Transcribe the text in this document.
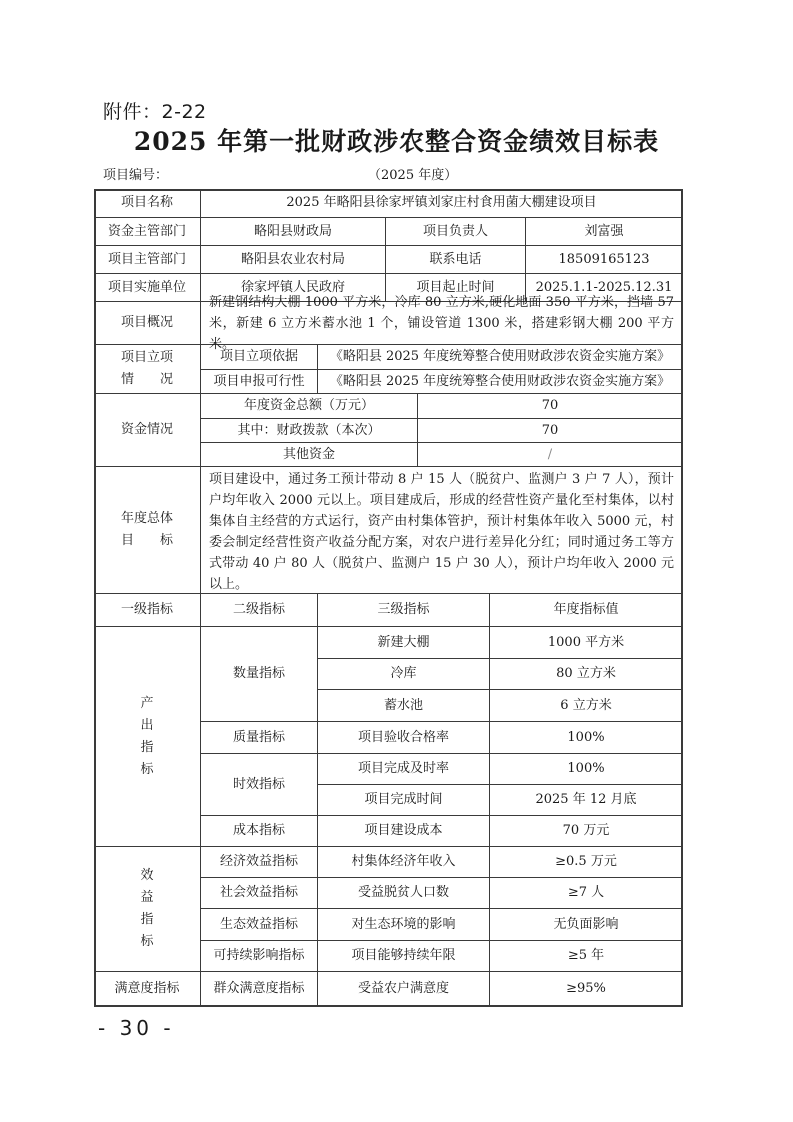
附件：2-22
2025 年第一批财政涉农整合资金绩效目标表
项目编号：	（2025 年度）
项目名称	2025 年略阳县徐家坪镇刘家庄村食用菌大棚建设项目
资金主管部门	略阳县财政局	项目负责人	刘富强
项目主管部门	略阳县农业农村局	联系电话	18509165123
项目实施单位	徐家坪镇人民政府	项目起止时间	2025.1.1-2025.12.31
项目概况
新建钢结构大棚 1000 平方米，冷库 80 立方米,硬化地面 350 平方米，挡墙 57 米，新建 6 立方米蓄水池 1 个，铺设管道 1300 米，搭建彩钢大棚 200 平方米。
项目立项
情　　况
项目立项依据	《略阳县 2025 年度统筹整合使用财政涉农资金实施方案》
项目申报可行性	《略阳县 2025 年度统筹整合使用财政涉农资金实施方案》
资金情况
年度资金总额（万元）	70
其中：财政拨款（本次）	70
其他资金	/
年度总体
目　　标
项目建设中，通过务工预计带动 8 户 15 人（脱贫户、监测户 3 户 7 人），预计户均年收入 2000 元以上。项目建成后，形成的经营性资产量化至村集体，以村集体自主经营的方式运行，资产由村集体管护，预计村集体年收入 5000 元，村委会制定经营性资产收益分配方案，对农户进行差异化分红；同时通过务工等方式带动 40 户 80 人（脱贫户、监测户 15 户 30 人），预计户均年收入 2000 元以上。
一级指标	二级指标	三级指标	年度指标值
产
出
指
标
数量指标
新建大棚	1000 平方米
冷库	80 立方米
蓄水池	6 立方米
质量指标	项目验收合格率	100%
时效指标
项目完成及时率	100%
项目完成时间	2025 年 12 月底
成本指标	项目建设成本	70 万元
效
益
指
标
经济效益指标	村集体经济年收入	≥0.5 万元
社会效益指标	受益脱贫人口数	≥7 人
生态效益指标	对生态环境的影响	无负面影响
可持续影响指标	项目能够持续年限	≥5 年
满意度指标	群众满意度指标	受益农户满意度	≥95%
- 30 -
